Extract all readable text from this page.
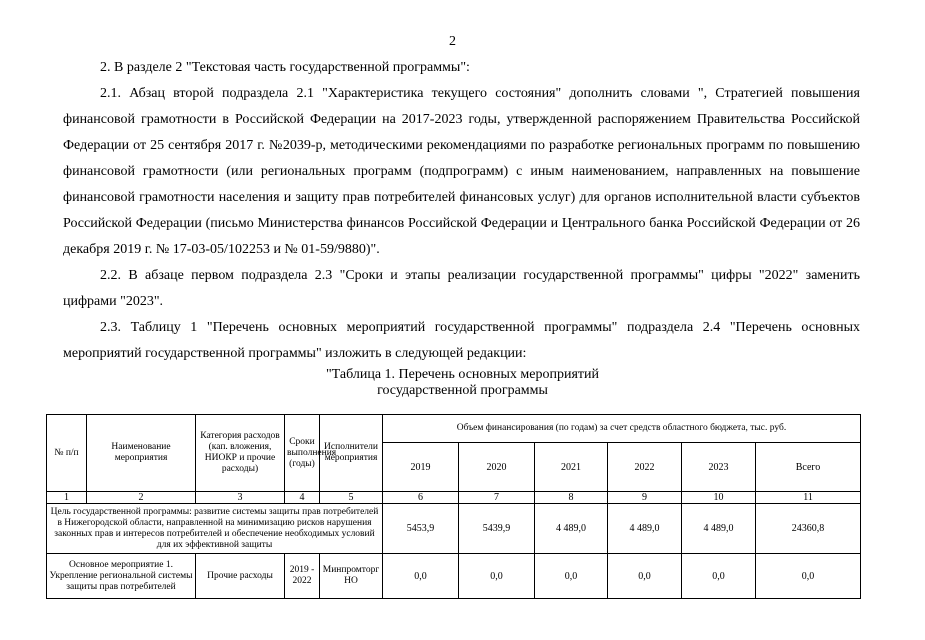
2

2. В разделе 2 "Текстовая часть государственной программы":

2.1. Абзац второй подраздела 2.1 "Характеристика текущего состояния" дополнить словами ", Стратегией повышения финансовой грамотности в Российской Федерации на 2017-2023 годы, утвержденной распоряжением Правительства Российской Федерации от 25 сентября 2017 г. №2039-р, методическими рекомендациями по разработке региональных программ по повышению финансовой грамотности (или региональных программ (подпрограмм) с иным наименованием, направленных на повышение финансовой грамотности населения и защиту прав потребителей финансовых услуг) для органов исполнительной власти субъектов Российской Федерации (письмо Министерства финансов Российской Федерации и Центрального банка Российской Федерации от 26 декабря 2019 г. № 17-03-05/102253 и № 01-59/9880)".

2.2. В абзаце первом подраздела 2.3 "Сроки и этапы реализации государственной программы" цифры "2022" заменить цифрами "2023".

2.3. Таблицу 1 "Перечень основных мероприятий государственной программы" подраздела 2.4 "Перечень основных мероприятий государственной программы" изложить в следующей редакции:

"Таблица 1. Перечень основных мероприятий
государственной программы
№ п/п	Наименование мероприятия	Категория расходов (кап. вложения, НИОКР и прочие расходы)	Сроки выполнения (годы)	Исполнители мероприятия	Объем финансирования (по годам) за счет средств областного бюджета, тыс. руб.					
					2019	2020	2021	2022	2023	Всего
1	2	3	4	5	6	7	8	9	10	11
Цель государственной программы: развитие системы защиты прав потребителей в Нижегородской области, направленной на минимизацию рисков нарушения законных прав и интересов потребителей и обеспечение необходимых условий для их эффективной защиты					5453,9	5439,9	4 489,0	4 489,0	4 489,0	24360,8
Основное мероприятие 1. Укрепление региональной системы защиты прав потребителей		Прочие расходы	2019 - 2022	Минпромторг НО	0,0	0,0	0,0	0,0	0,0	0,0
